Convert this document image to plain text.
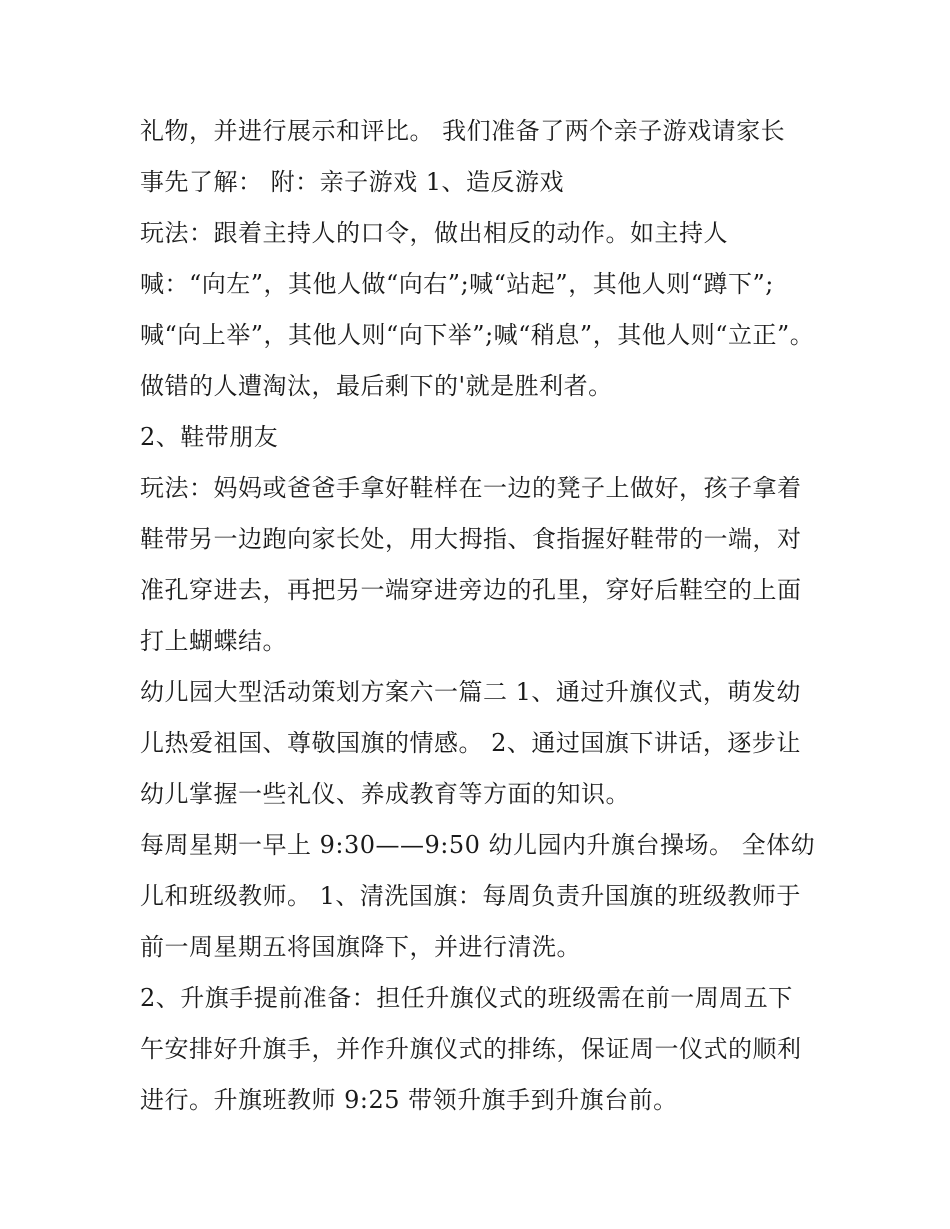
礼物，并进行展示和评比。 我们准备了两个亲子游戏请家长
事先了解： 附：亲子游戏 1、造反游戏
玩法：跟着主持人的口令，做出相反的动作。如主持人
喊：“向左”，其他人做“向右”;喊“站起”，其他人则“蹲下”;
喊“向上举”，其他人则“向下举”;喊“稍息”，其他人则“立正”。
做错的人遭淘汰，最后剩下的'就是胜利者。
2、鞋带朋友
玩法：妈妈或爸爸手拿好鞋样在一边的凳子上做好，孩子拿着
鞋带另一边跑向家长处，用大拇指、食指握好鞋带的一端，对
准孔穿进去，再把另一端穿进旁边的孔里，穿好后鞋空的上面
打上蝴蝶结。
幼儿园大型活动策划方案六一篇二 1、通过升旗仪式，萌发幼
儿热爱祖国、尊敬国旗的情感。 2、通过国旗下讲话，逐步让
幼儿掌握一些礼仪、养成教育等方面的知识。
每周星期一早上 9:30——9:50 幼儿园内升旗台操场。 全体幼
儿和班级教师。 1、清洗国旗：每周负责升国旗的班级教师于
前一周星期五将国旗降下，并进行清洗。
2、升旗手提前准备：担任升旗仪式的班级需在前一周周五下
午安排好升旗手，并作升旗仪式的排练，保证周一仪式的顺利
进行。升旗班教师 9:25 带领升旗手到升旗台前。
